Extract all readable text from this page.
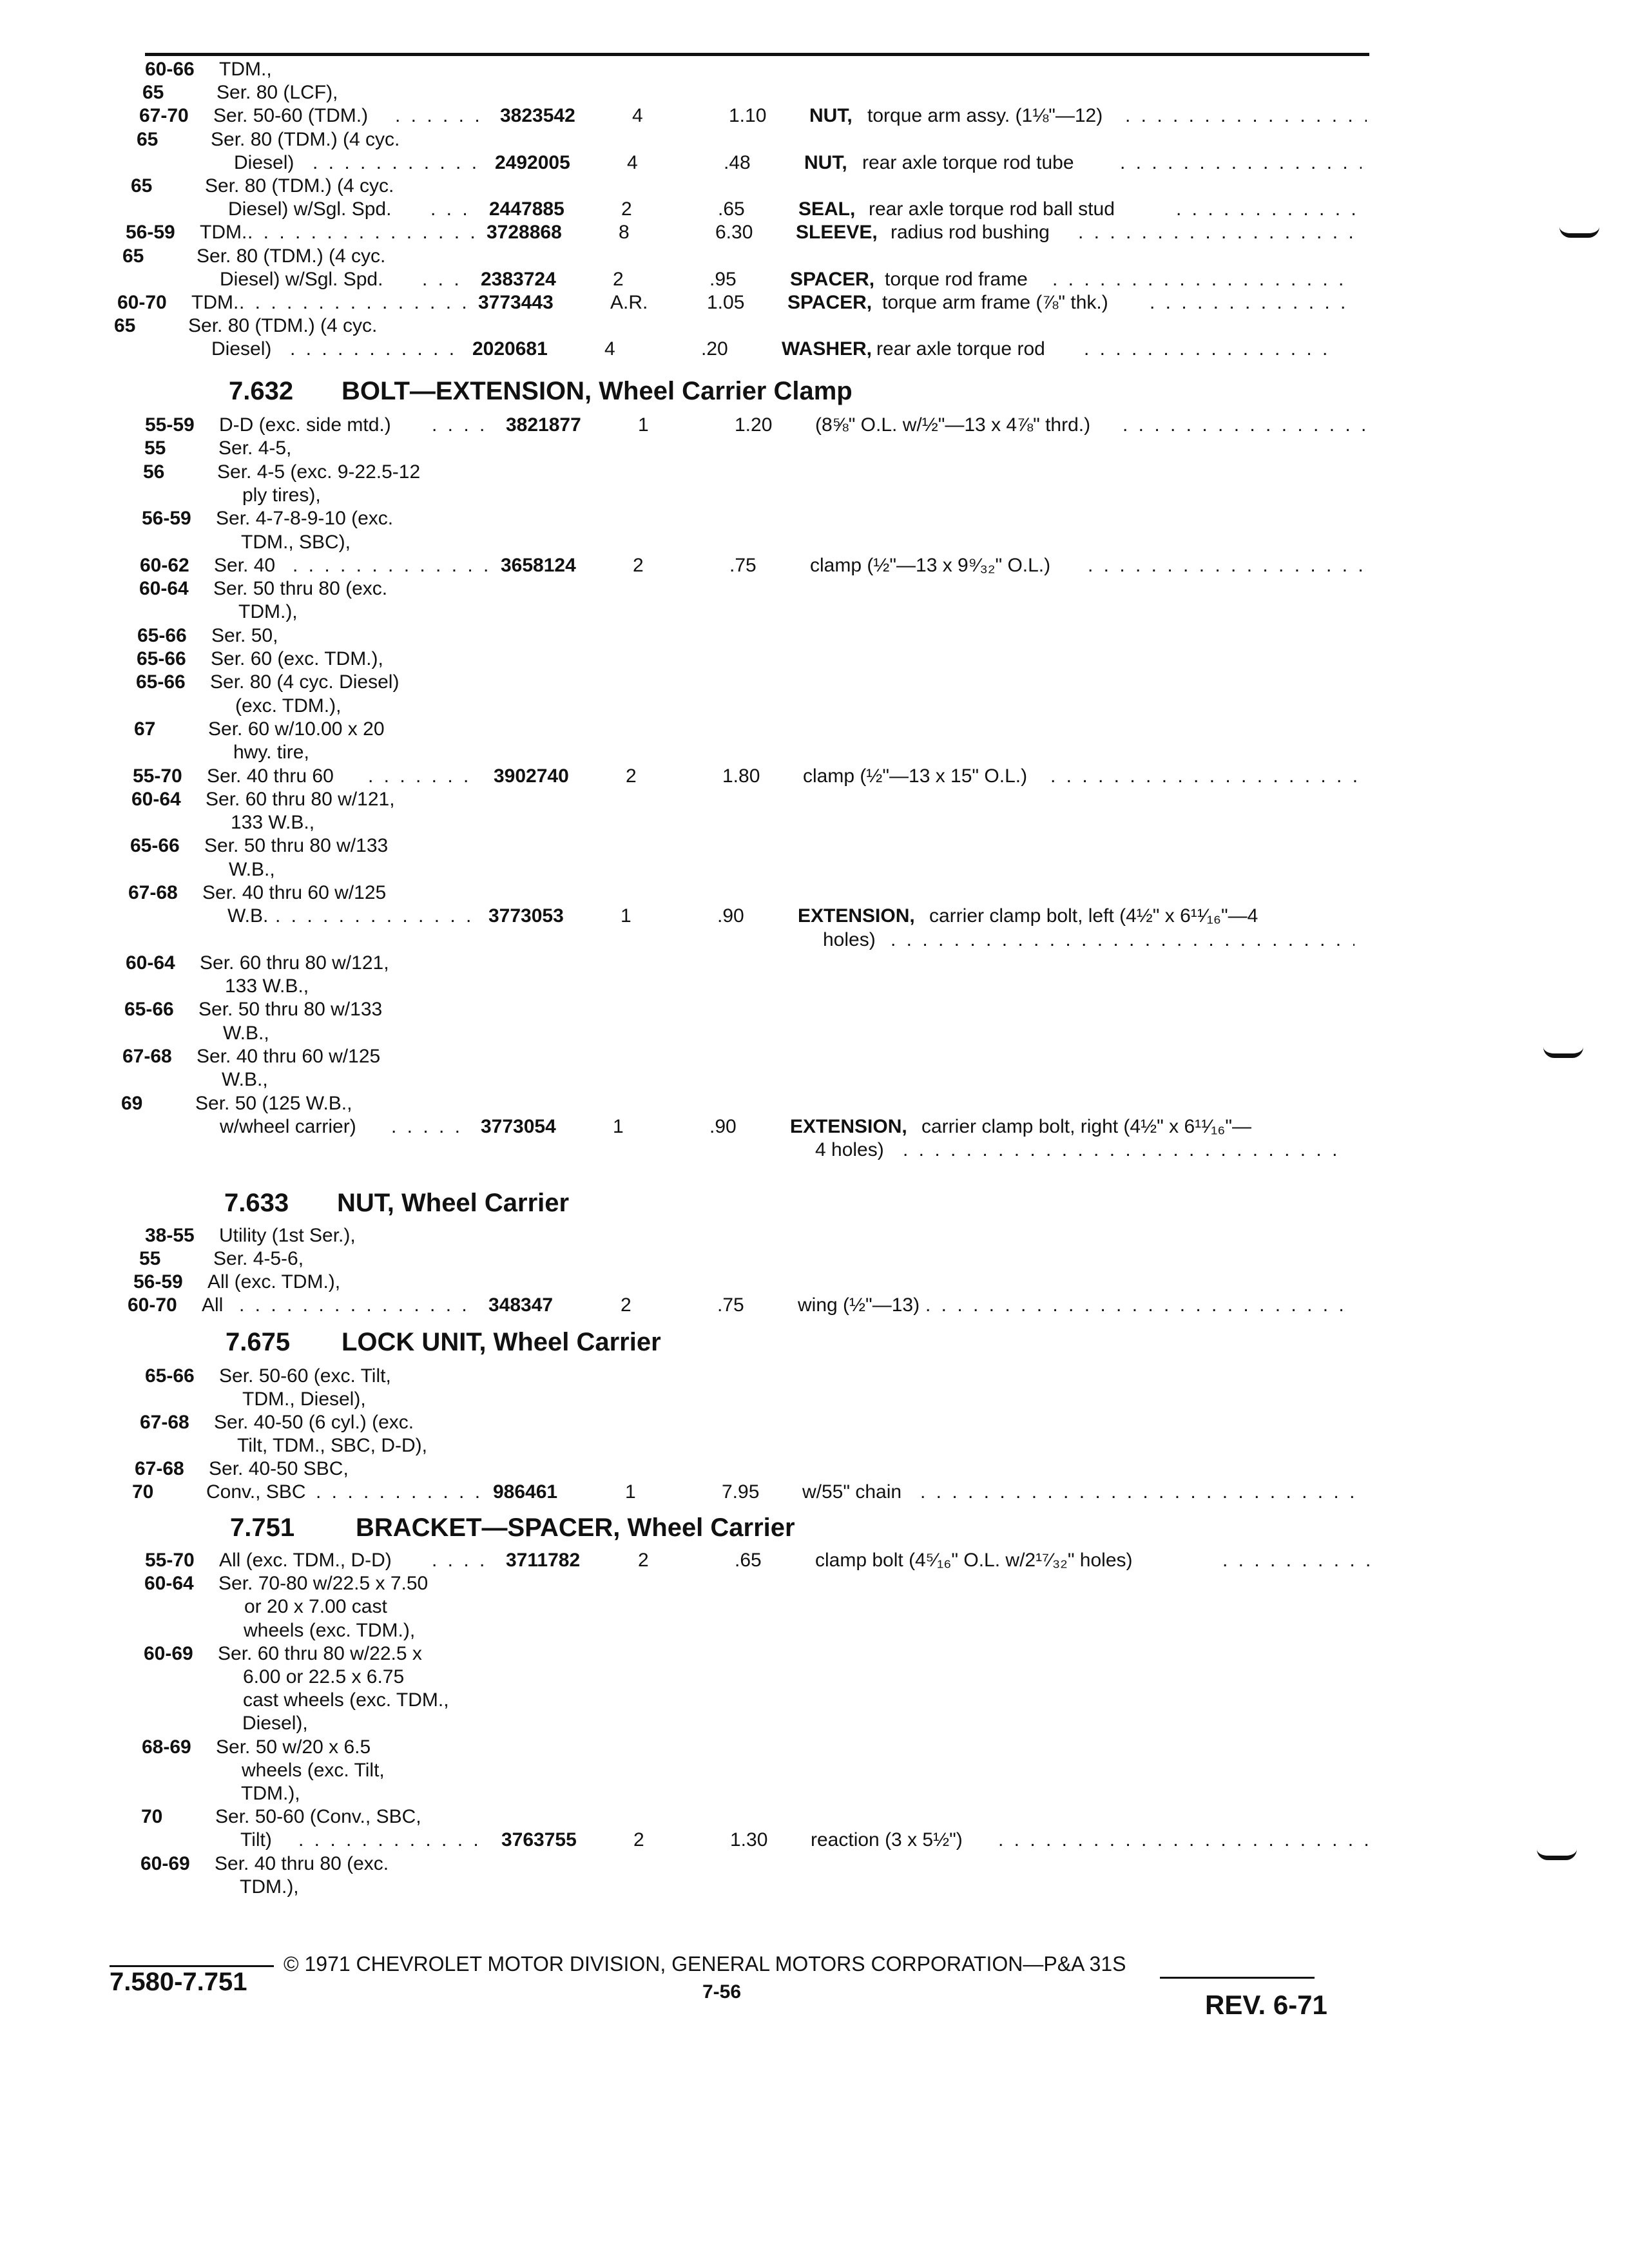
60-66 TDM.,
65	Ser. 80 (LCF),
67-70 Ser. 50-60 (TDM.) . . .	3823542	4	1.10 NUT, torque arm assy. (1⅛"—12)
. . .
65	Ser. 80 (TDM.) (4 cyc.
Diesel) . . .	2492005	4	.48	NUT, rear axle torque rod tube
. . .
65	Ser. 80 (TDM.) (4 cyc.
Diesel) w/Sgl. Spd. . . .	2447885	2	.65	SEAL, rear axle torque rod ball stud
. . .
56-59 TDM. . . .	3728868	8	6.30 SLEEVE, radius rod bushing
. . .
65	Ser. 80 (TDM.) (4 cyc.
Diesel) w/Sgl. Spd. . . .	2383724	2	.95	SPACER, torque rod frame
. . .
60-70 TDM. . . .	3773443	A.R.	1.05 SPACER, torque arm frame (⅞" thk.)
. . .
65	Ser. 80 (TDM.) (4 cyc.
Diesel) . . .	2020681	4	.20	WASHER, rear axle torque rod
. . .
7.632 BOLT—EXTENSION, Wheel Carrier Clamp
55-59 D-D (exc. side mtd.) . . .	3821877	1	1.20 (8⅝" O.L. w/½"—13 x 4⅞" thrd.)
. . .
55	Ser. 4-5,
56	Ser. 4-5 (exc. 9-22.5-12
ply tires),
56-59 Ser. 4-7-8-9-10 (exc.
TDM., SBC),
60-62 Ser. 40 . . .	3658124	2	.75	clamp (½"—13 x 9⁹⁄₃₂" O.L.)
. . .
60-64 Ser. 50 thru 80 (exc.
TDM.),
65-66 Ser. 50,
65-66 Ser. 60 (exc. TDM.),
65-66 Ser. 80 (4 cyc. Diesel)
(exc. TDM.),
67	Ser. 60 w/10.00 x 20
hwy. tire,
55-70 Ser. 40 thru 60 . . .	3902740	2	1.80 clamp (½"—13 x 15" O.L.)
. . .
60-64 Ser. 60 thru 80 w/121,
133 W.B.,
65-66 Ser. 50 thru 80 w/133
W.B.,
67-68 Ser. 40 thru 60 w/125
W.B. . . .	3773053	1	.90	EXTENSION, carrier clamp bolt, left (4½" x 6¹¹⁄₁₆"—4
holes)
. . .
60-64 Ser. 60 thru 80 w/121,
133 W.B.,
65-66 Ser. 50 thru 80 w/133
W.B.,
67-68 Ser. 40 thru 60 w/125
W.B.,
69	Ser. 50 (125 W.B.,
w/wheel carrier) . . .	3773054	1	.90	EXTENSION, carrier clamp bolt, right (4½" x 6¹¹⁄₁₆"—
4 holes)
. . .
7.633 NUT, Wheel Carrier
38-55 Utility (1st Ser.),
55	Ser. 4-5-6,
56-59 All (exc. TDM.),
60-70 All . . .	348347	2	.75	wing (½"—13)
. . .
7.675 LOCK UNIT, Wheel Carrier
65-66 Ser. 50-60 (exc. Tilt,
TDM., Diesel),
67-68 Ser. 40-50 (6 cyl.) (exc.
Tilt, TDM., SBC, D-D),
67-68 Ser. 40-50 SBC,
70	Conv., SBC . . .	986461	1	7.95 w/55" chain
. . .
7.751 BRACKET—SPACER, Wheel Carrier
55-70 All (exc. TDM., D-D) . . .	3711782	2	.65	clamp bolt (4⁵⁄₁₆" O.L. w/2¹⁷⁄₃₂" holes)
. . .
60-64 Ser. 70-80 w/22.5 x 7.50
or 20 x 7.00 cast
wheels (exc. TDM.),
60-69 Ser. 60 thru 80 w/22.5 x
6.00 or 22.5 x 6.75
cast wheels (exc. TDM.,
Diesel),
68-69 Ser. 50 w/20 x 6.5
wheels (exc. Tilt,
TDM.),
70	Ser. 50-60 (Conv., SBC,
Tilt) . . .	3763755	2	1.30 reaction (3 x 5½")
. . .
60-69 Ser. 40 thru 80 (exc.
TDM.),
7.580-7.751
© 1971 CHEVROLET MOTOR DIVISION, GENERAL MOTORS CORPORATION—P&A 31S
7-56	REV. 6-71
